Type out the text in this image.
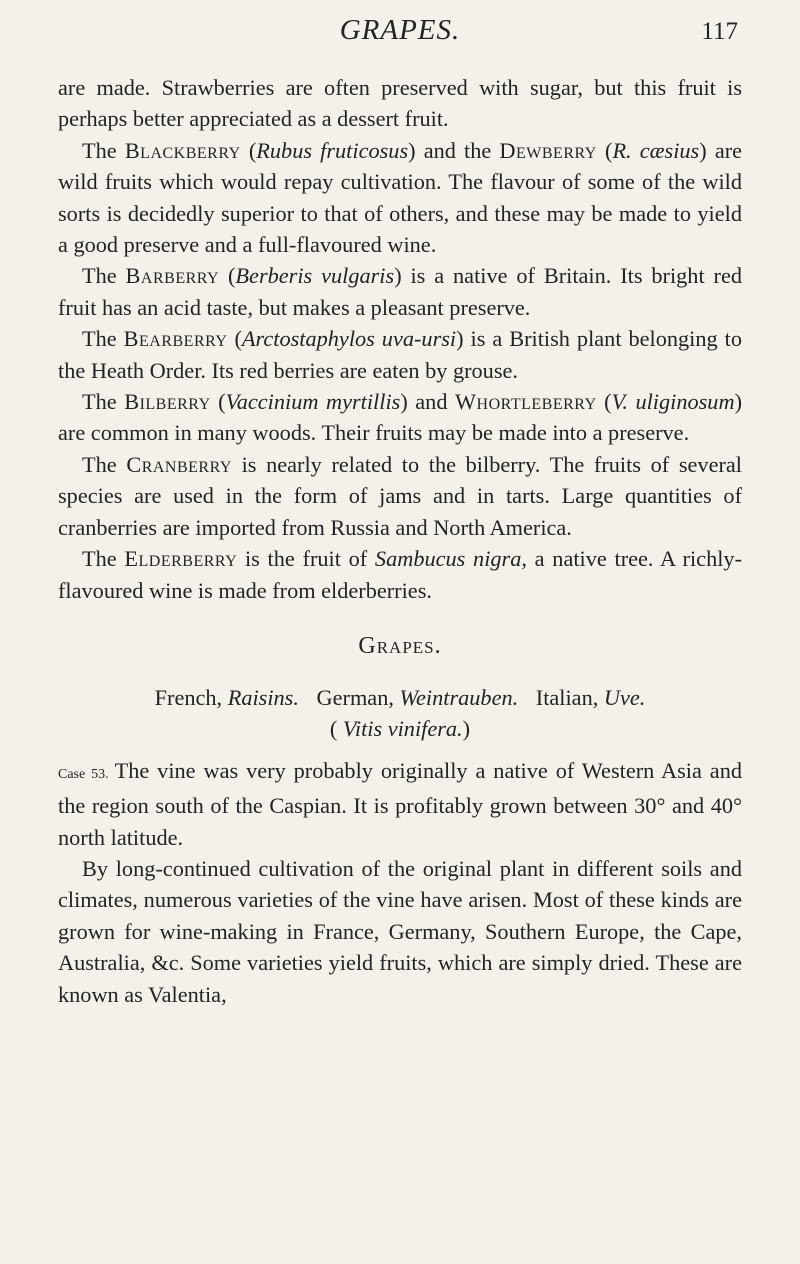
GRAPES.	117

are made. Strawberries are often preserved with sugar, but this fruit is perhaps better appreciated as a dessert fruit.

The Blackberry (Rubus fruticosus) and the Dewberry (R. cæsius) are wild fruits which would repay cultivation. The flavour of some of the wild sorts is decidedly superior to that of others, and these may be made to yield a good preserve and a full-flavoured wine.

The Barberry (Berberis vulgaris) is a native of Britain. Its bright red fruit has an acid taste, but makes a pleasant preserve.

The Bearberry (Arctostaphylos uva-ursi) is a British plant belonging to the Heath Order. Its red berries are eaten by grouse.

The Bilberry (Vaccinium myrtillis) and Whortleberry (V. uliginosum) are common in many woods. Their fruits may be made into a preserve.

The Cranberry is nearly related to the bilberry. The fruits of several species are used in the form of jams and in tarts. Large quantities of cranberries are imported from Russia and North America.

The Elderberry is the fruit of Sambucus nigra, a native tree. A richly-flavoured wine is made from elderberries.

Grapes.
French, Raisins. German, Weintrauben. Italian, Uve.
( Vitis vinifera.)

Case 53. The vine was very probably originally a native of Western Asia and the region south of the Caspian. It is profitably grown between 30° and 40° north latitude.

By long-continued cultivation of the original plant in different soils and climates, numerous varieties of the vine have arisen. Most of these kinds are grown for wine-making in France, Germany, Southern Europe, the Cape, Australia, &c. Some varieties yield fruits, which are simply dried. These are known as Valentia,
